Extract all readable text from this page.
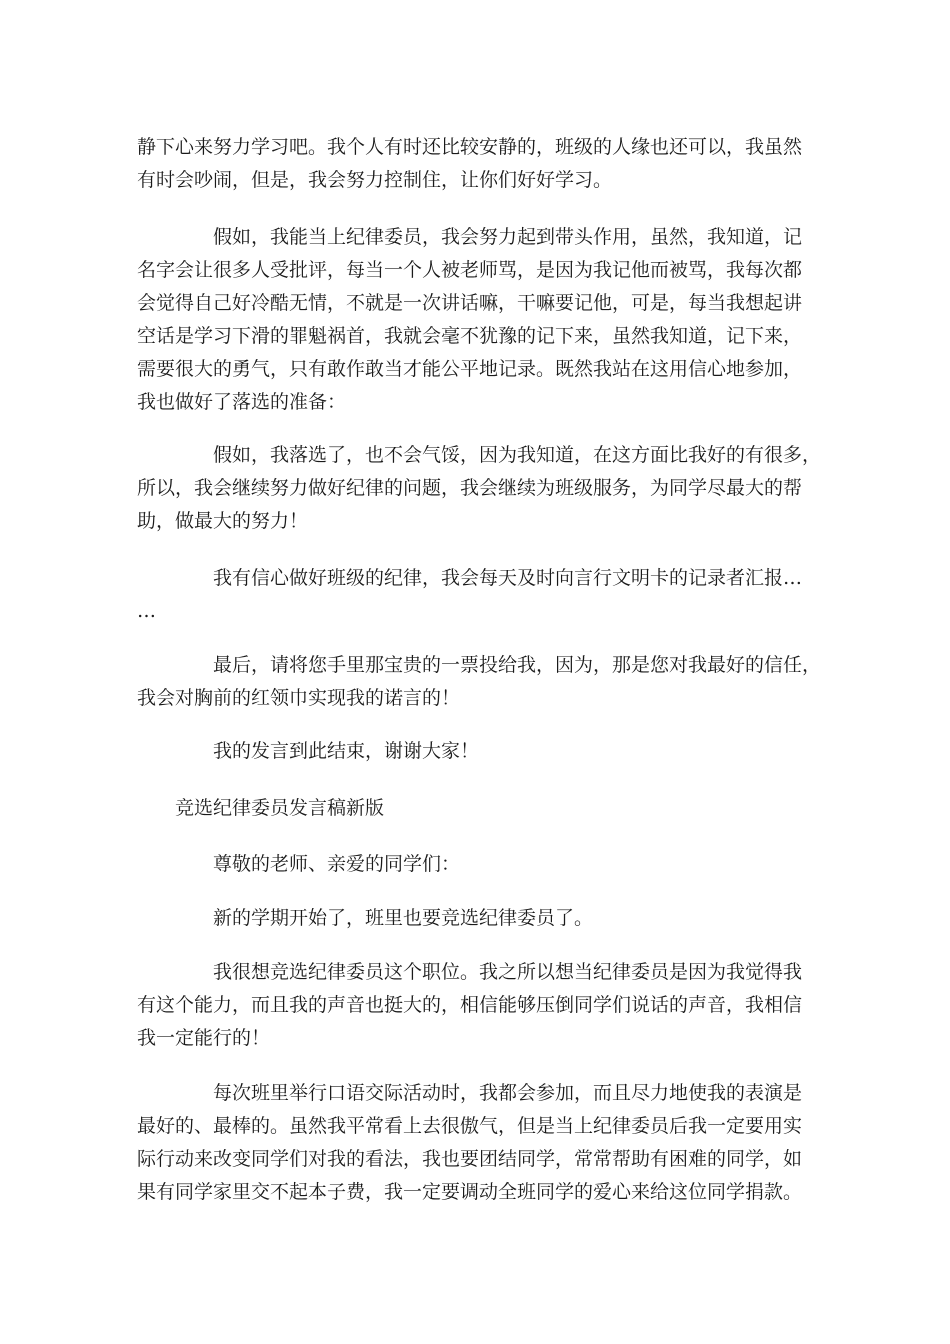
静下心来努力学习吧。我个人有时还比较安静的，班级的人缘也还可以，我虽然
有时会吵闹，但是，我会努力控制住，让你们好好学习。

假如，我能当上纪律委员，我会努力起到带头作用，虽然，我知道，记
名字会让很多人受批评，每当一个人被老师骂，是因为我记他而被骂，我每次都
会觉得自己好冷酷无情，不就是一次讲话嘛，干嘛要记他，可是，每当我想起讲
空话是学习下滑的罪魁祸首，我就会毫不犹豫的记下来，虽然我知道，记下来，
需要很大的勇气，只有敢作敢当才能公平地记录。既然我站在这用信心地参加，
我也做好了落选的准备：

假如，我落选了，也不会气馁，因为我知道，在这方面比我好的有很多，
所以，我会继续努力做好纪律的问题，我会继续为班级服务，为同学尽最大的帮
助，做最大的努力！

我有信心做好班级的纪律，我会每天及时向言行文明卡的记录者汇报…
…

最后，请将您手里那宝贵的一票投给我，因为，那是您对我最好的信任，
我会对胸前的红领巾实现我的诺言的！

我的发言到此结束，谢谢大家！

竞选纪律委员发言稿新版

尊敬的老师、亲爱的同学们：

新的学期开始了，班里也要竞选纪律委员了。

我很想竞选纪律委员这个职位。我之所以想当纪律委员是因为我觉得我
有这个能力，而且我的声音也挺大的，相信能够压倒同学们说话的声音，我相信
我一定能行的！

每次班里举行口语交际活动时，我都会参加，而且尽力地使我的表演是
最好的、最棒的。虽然我平常看上去很傲气，但是当上纪律委员后我一定要用实
际行动来改变同学们对我的看法，我也要团结同学，常常帮助有困难的同学，如
果有同学家里交不起本子费，我一定要调动全班同学的爱心来给这位同学捐款。
